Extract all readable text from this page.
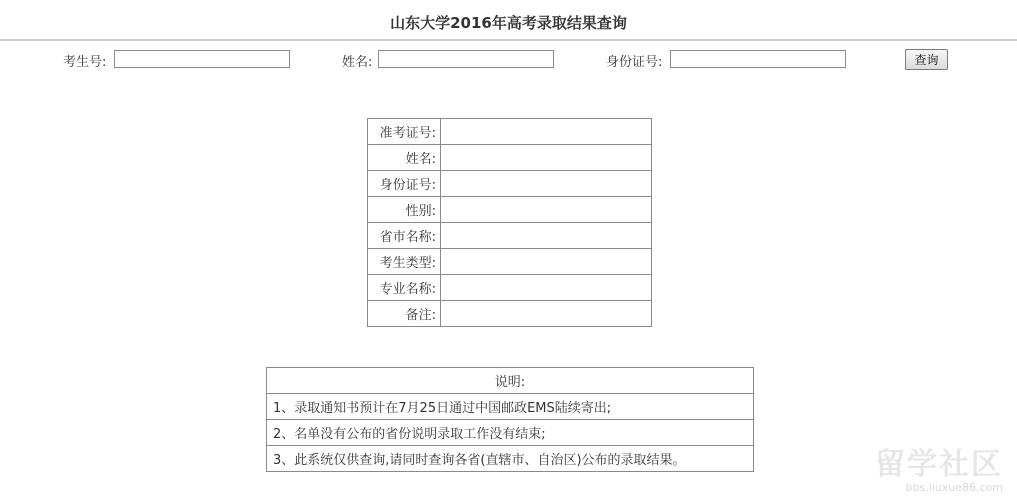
山东大学2016年高考录取结果查询
考生号:	姓名:	身份证号:	查询
准考证号:	
姓名:	
身份证号:	
性别:	
省市名称:	
考生类型:	
专业名称:	
备注:	
说明:
1、录取通知书预计在7月25日通过中国邮政EMS陆续寄出;
2、名单没有公布的省份说明录取工作没有结束;
3、此系统仅供查询,请同时查询各省(直辖市、自治区)公布的录取结果。	留学社区
bbs.liuxue86.com
